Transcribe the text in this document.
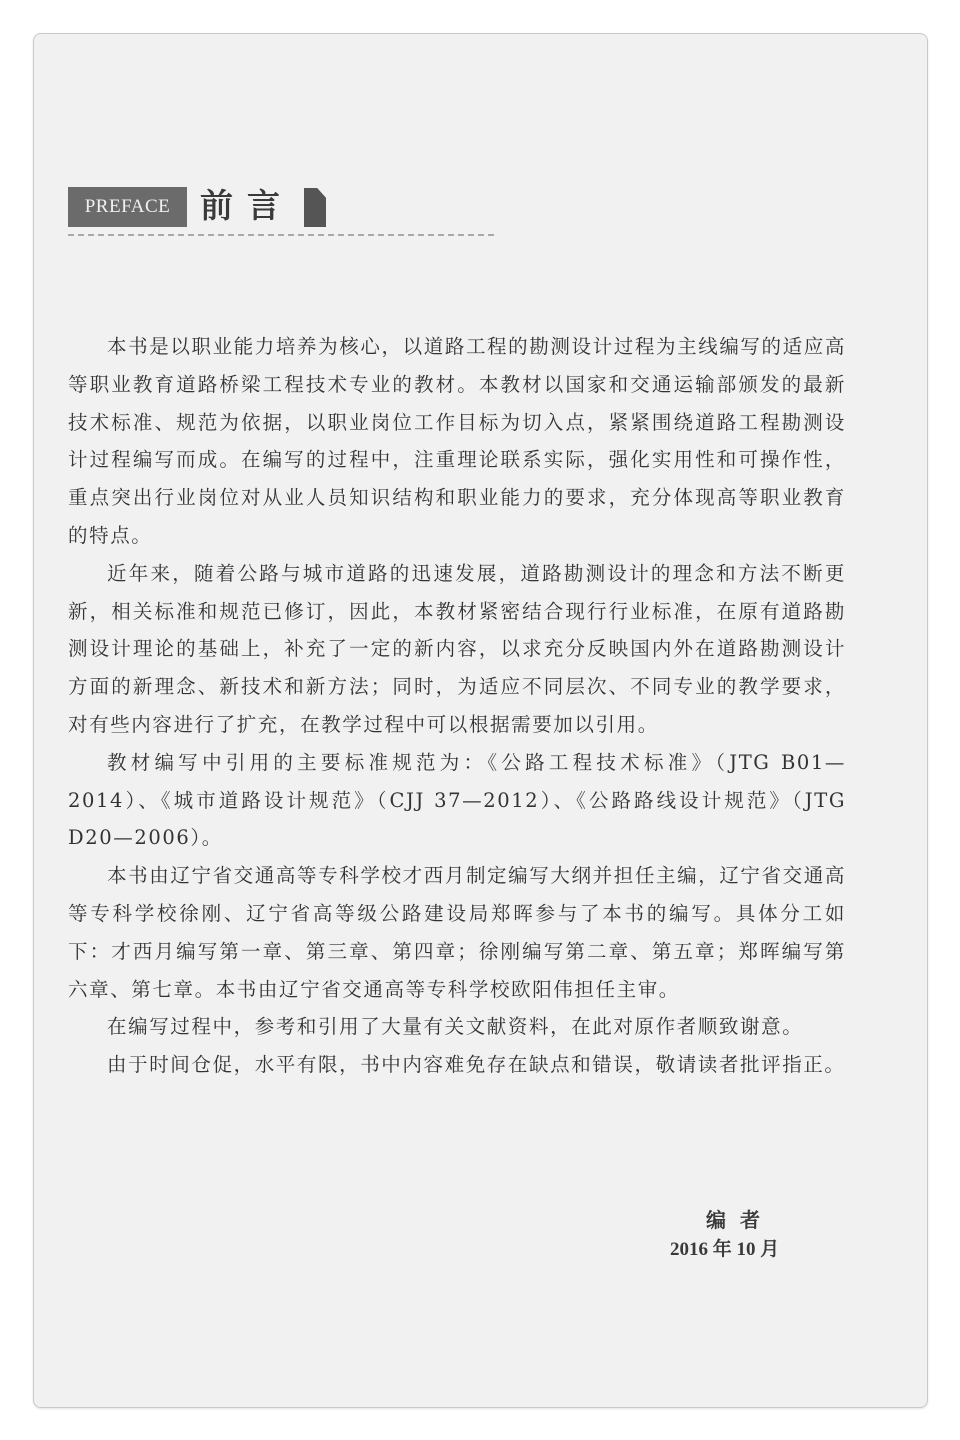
PREFACE 前言

本书是以职业能力培养为核心，以道路工程的勘测设计过程为主线编写的适应高等职业教育道路桥梁工程技术专业的教材。本教材以国家和交通运输部颁发的最新技术标准、规范为依据，以职业岗位工作目标为切入点，紧紧围绕道路工程勘测设计过程编写而成。在编写的过程中，注重理论联系实际，强化实用性和可操作性，重点突出行业岗位对从业人员知识结构和职业能力的要求，充分体现高等职业教育的特点。

近年来，随着公路与城市道路的迅速发展，道路勘测设计的理念和方法不断更新，相关标准和规范已修订，因此，本教材紧密结合现行行业标准，在原有道路勘测设计理论的基础上，补充了一定的新内容，以求充分反映国内外在道路勘测设计方面的新理念、新技术和新方法；同时，为适应不同层次、不同专业的教学要求，对有些内容进行了扩充，在教学过程中可以根据需要加以引用。

教材编写中引用的主要标准规范为：《公路工程技术标准》（JTG B01—2014）、《城市道路设计规范》（CJJ 37—2012）、《公路路线设计规范》（JTG D20—2006）。

本书由辽宁省交通高等专科学校才西月制定编写大纲并担任主编，辽宁省交通高等专科学校徐刚、辽宁省高等级公路建设局郑晖参与了本书的编写。具体分工如下：才西月编写第一章、第三章、第四章；徐刚编写第二章、第五章；郑晖编写第六章、第七章。本书由辽宁省交通高等专科学校欧阳伟担任主审。

在编写过程中，参考和引用了大量有关文献资料，在此对原作者顺致谢意。

由于时间仓促，水平有限，书中内容难免存在缺点和错误，敬请读者批评指正。

编者
2016 年 10 月
